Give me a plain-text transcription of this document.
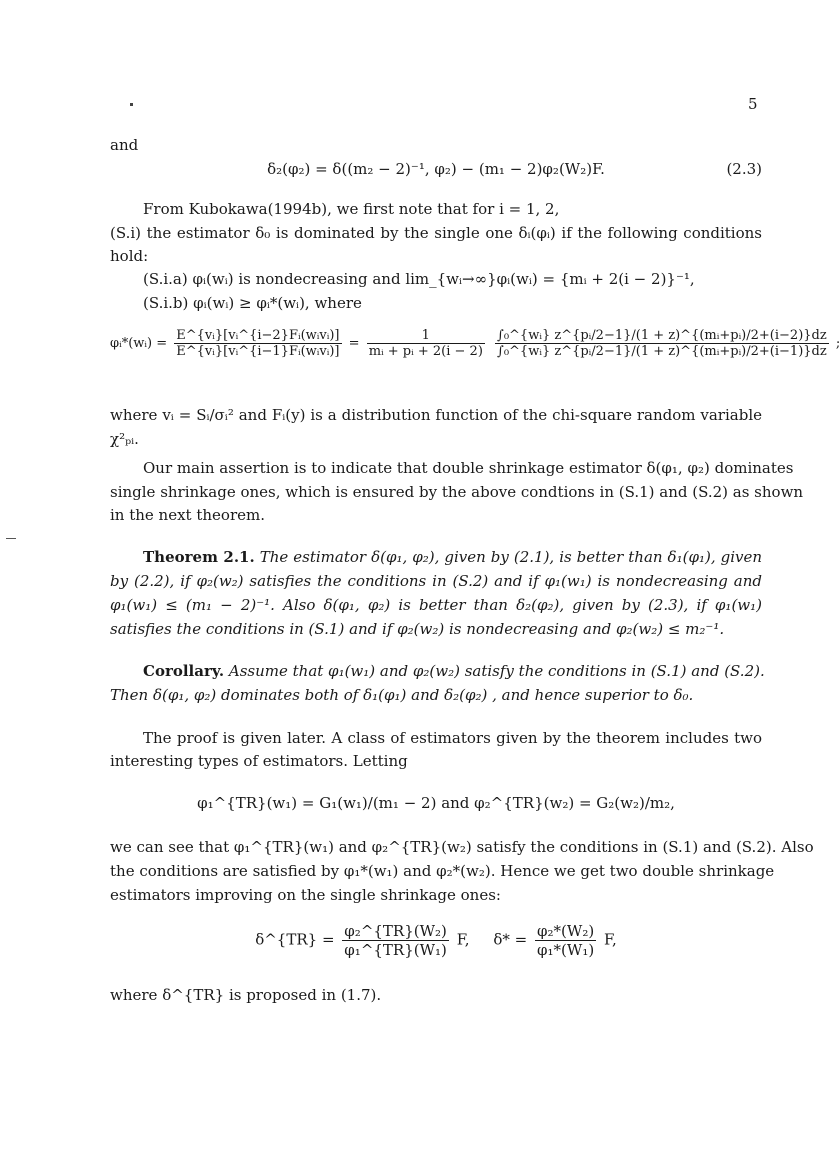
5
and
δ₂(φ₂) = δ((m₂ − 2)⁻¹, φ₂) − (m₁ − 2)φ₂(W₂)F.	(2.3)
From Kubokawa(1994b), we first note that for i = 1, 2,
(S.i) the estimator δ₀ is dominated by the single one δᵢ(φᵢ) if the following conditions
hold:
(S.i.a) φᵢ(wᵢ) is nondecreasing and lim_{wᵢ→∞}φᵢ(wᵢ) = {mᵢ + 2(i − 2)}⁻¹,
(S.i.b) φᵢ(wᵢ) ≥ φᵢ*(wᵢ), where
φᵢ*(wᵢ) = $\frac{\text{E\textasciicircum{}\{vᵢ\}[vᵢ\textasciicircum{}\{i−2\}Fᵢ(wᵢvᵢ)]}}{\text{E\textasciicircum{}\{vᵢ\}[vᵢ\textasciicircum{}\{i−1\}Fᵢ(wᵢvᵢ)]}} = \frac{1}{\text{mᵢ + pᵢ + 2(i − 2)}}$
$\frac{\text{∫₀\textasciicircum{}\{wᵢ\} z\textasciicircum{}\{pᵢ/2−1\}/(1 + z)\textasciicircum{}\{(mᵢ+pᵢ)/2+(i−2)\}dz}}{\text{∫₀\textasciicircum{}\{wᵢ\} z\textasciicircum{}\{pᵢ/2−1\}/(1 + z)\textasciicircum{}\{(mᵢ+pᵢ)/2+(i−1)\}dz}}$ ;
where vᵢ = Sᵢ/σᵢ² and Fᵢ(y) is a distribution function of the chi-square random variable
χ²ₚᵢ.
Our main assertion is to indicate that double shrinkage estimator δ(φ₁, φ₂) dominates
single shrinkage ones, which is ensured by the above condtions in (S.1) and (S.2) as shown
in the next theorem.
Theorem 2.1. The estimator δ(φ₁, φ₂), given by (2.1), is better than δ₁(φ₁), given
by (2.2), if φ₂(w₂) satisfies the conditions in (S.2) and if φ₁(w₁) is nondecreasing and
φ₁(w₁) ≤ (m₁ − 2)⁻¹. Also δ(φ₁, φ₂) is better than δ₂(φ₂), given by (2.3), if φ₁(w₁)
satisfies the conditions in (S.1) and if φ₂(w₂) is nondecreasing and φ₂(w₂) ≤ m₂⁻¹.
Corollary. Assume that φ₁(w₁) and φ₂(w₂) satisfy the conditions in (S.1) and (S.2).
Then δ(φ₁, φ₂) dominates both of δ₁(φ₁) and δ₂(φ₂) , and hence superior to δ₀.
The proof is given later. A class of estimators given by the theorem includes two
interesting types of estimators. Letting
φ₁^{TR}(w₁) = G₁(w₁)/(m₁ − 2) and φ₂^{TR}(w₂) = G₂(w₂)/m₂,
we can see that φ₁^{TR}(w₁) and φ₂^{TR}(w₂) satisfy the conditions in (S.1) and (S.2). Also
the conditions are satisfied by φ₁*(w₁) and φ₂*(w₂). Hence we get two double shrinkage
estimators improving on the single shrinkage ones:
δ^{TR} = $\frac{\text{φ₂\textasciicircum{}\{TR\}(W₂)}}{\text{φ₁\textasciicircum{}\{TR\}(W₁)}} F$, $\delta* = \frac{\text{φ₂*(W₂)}}{\text{φ₁*(W₁)}} F$,
where δ^{TR} is proposed in (1.7).
